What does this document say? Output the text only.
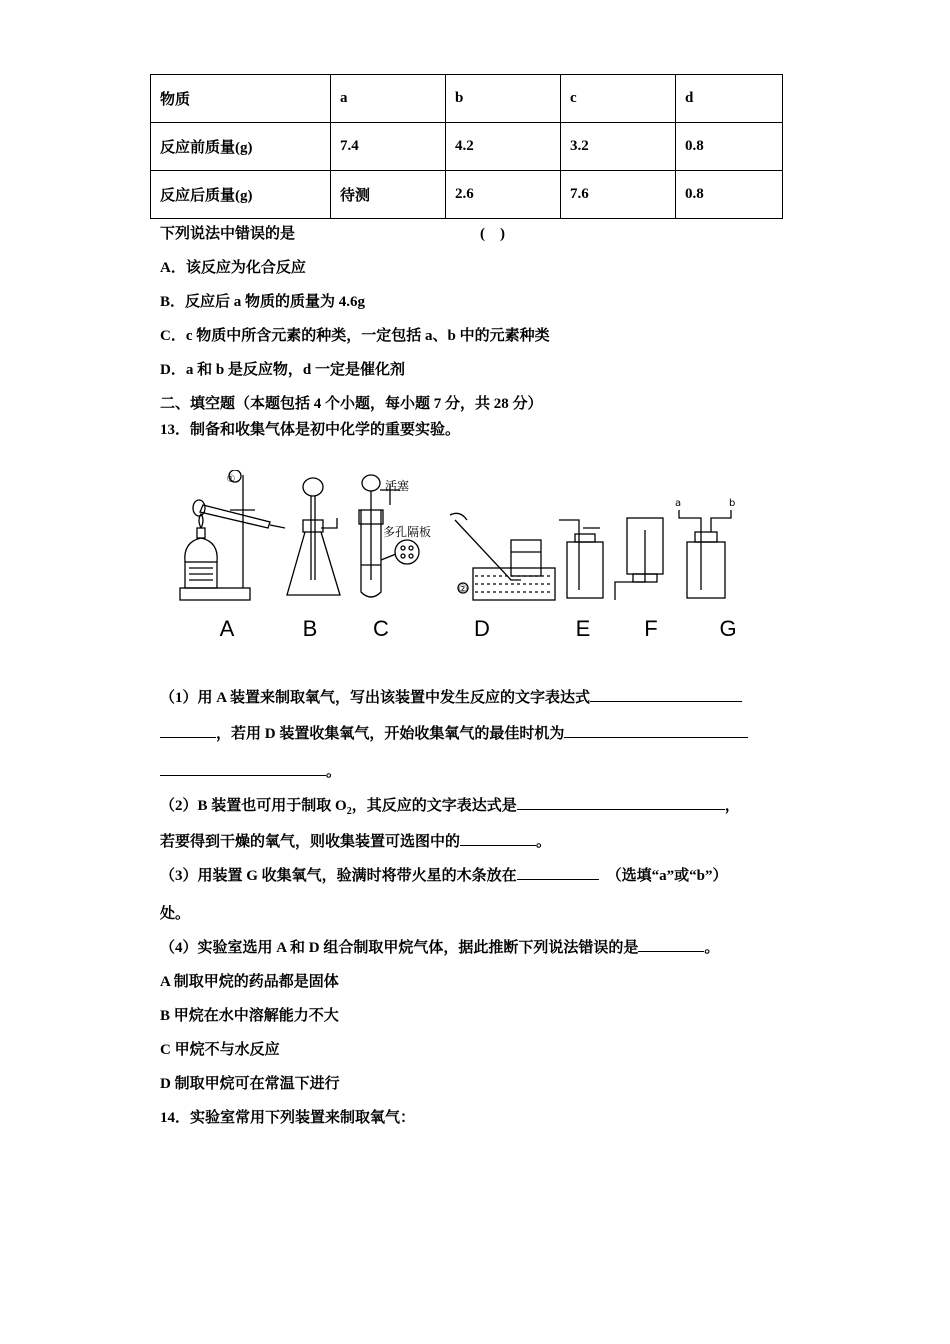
物质	a	b	c	d
反应前质量(g)	7.4	4.2	3.2	0.8
反应后质量(g)	待测	2.6	7.6	0.8
下列说法中错误的是	(　)
A．该反应为化合反应
B．反应后 a 物质的质量为 4.6g
C．c 物质中所含元素的种类，一定包括 a、b 中的元素种类
D．a 和 b 是反应物，d 一定是催化剂
二、填空题（本题包括 4 个小题，每小题 7 分，共 28 分）
13．制备和收集气体是初中化学的重要实验。
①
②
活塞
多孔隔板
a	b
A	B	C	D	E F	G
（1）用 A 装置来制取氧气，写出该装置中发生反应的文字表达式
，若用 D 装置收集氧气，开始收集氧气的最佳时机为
。
（2）B 装置也可用于制取 $O_2$，其反应的文字表达式是	，
若要得到干燥的氧气，则收集装置可选图中的	。
（3）用装置 G 收集氧气，验满时将带火星的木条放在	（选填“a”或“b”）
处。
（4）实验室选用 A 和 D 组合制取甲烷气体，据此推断下列说法错误的是	。
A 制取甲烷的药品都是固体
B 甲烷在水中溶解能力不大
C 甲烷不与水反应
D 制取甲烷可在常温下进行
14．实验室常用下列装置来制取氧气：
